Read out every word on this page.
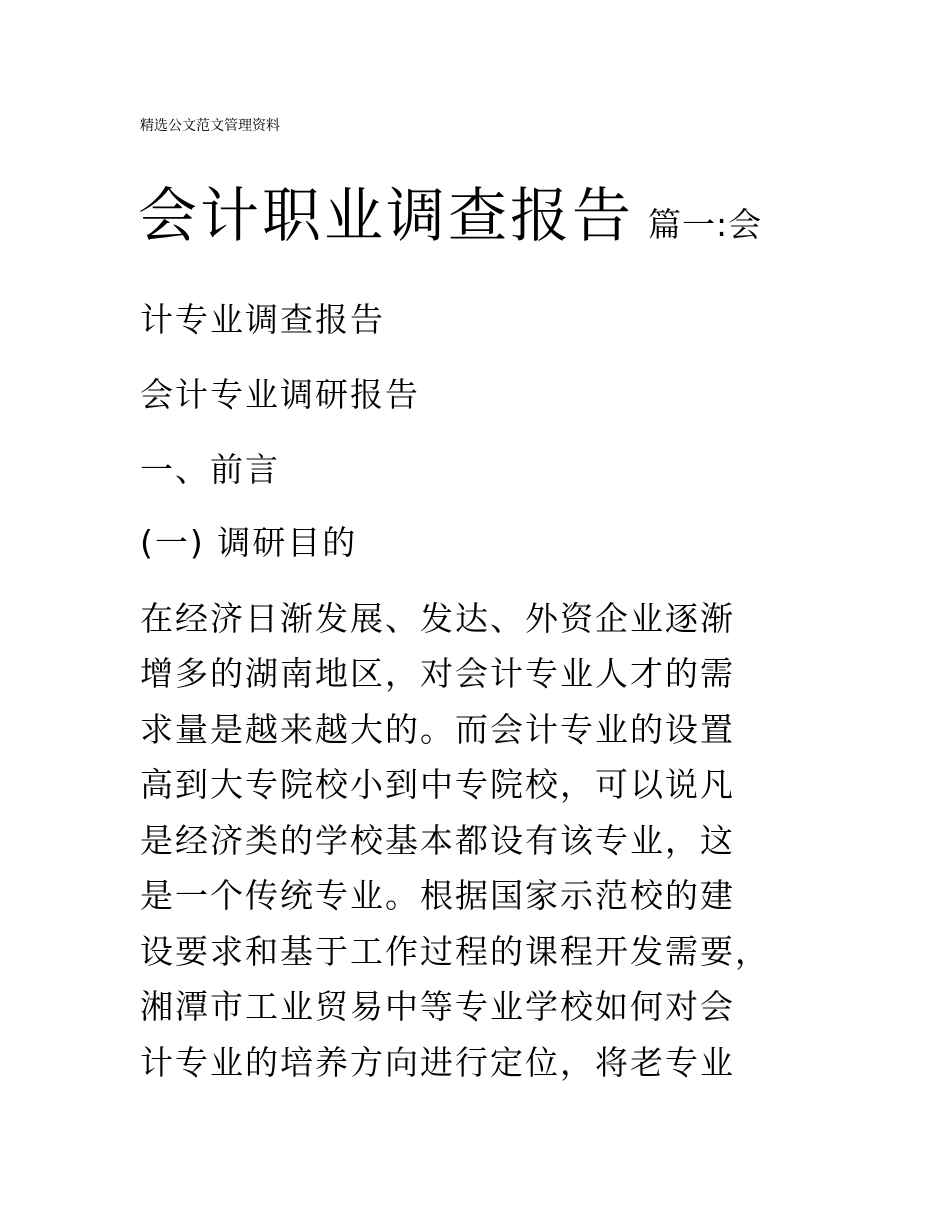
精选公文范文管理资料
会计职业调查报告 篇一:会
计专业调查报告
会计专业调研报告
一、前言
(一) 调研目的
在经济日渐发展、发达、外资企业逐渐
增多的湖南地区，对会计专业人才的需
求量是越来越大的。而会计专业的设置
高到大专院校小到中专院校，可以说凡
是经济类的学校基本都设有该专业，这
是一个传统专业。根据国家示范校的建
设要求和基于工作过程的课程开发需要，
湘潭市工业贸易中等专业学校如何对会
计专业的培养方向进行定位，将老专业
